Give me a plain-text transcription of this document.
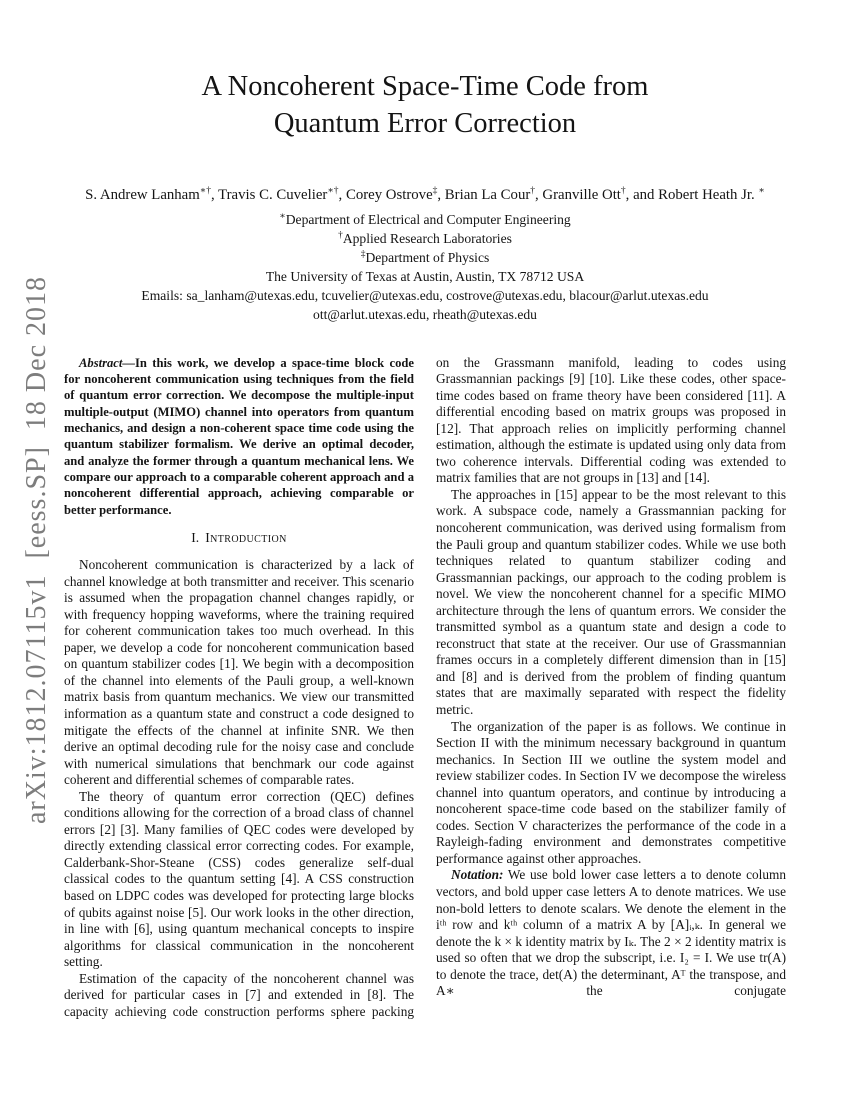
arXiv:1812.07115v1  [eess.SP]  18 Dec 2018
A Noncoherent Space-Time Code from
Quantum Error Correction

S. Andrew Lanham∗†, Travis C. Cuvelier∗†, Corey Ostrove‡, Brian La Cour†, Granville Ott†, and Robert Heath Jr. ∗

∗Department of Electrical and Computer Engineering
†Applied Research Laboratories
‡Department of Physics
The University of Texas at Austin, Austin, TX 78712 USA
Emails: sa_lanham@utexas.edu, tcuvelier@utexas.edu, costrove@utexas.edu, blacour@arlut.utexas.edu
ott@arlut.utexas.edu, rheath@utexas.edu

Abstract—In this work, we develop a space-time block code for noncoherent communication using techniques from the field of quantum error correction. We decompose the multiple-input multiple-output (MIMO) channel into operators from quantum mechanics, and design a non-coherent space time code using the quantum stabilizer formalism. We derive an optimal decoder, and analyze the former through a quantum mechanical lens. We compare our approach to a comparable coherent approach and a noncoherent differential approach, achieving comparable or better performance.

I. Introduction

Noncoherent communication is characterized by a lack of channel knowledge at both transmitter and receiver. This scenario is assumed when the propagation channel changes rapidly, or with frequency hopping waveforms, where the training required for coherent communication takes too much overhead. In this paper, we develop a code for noncoherent communication based on quantum stabilizer codes [1]. We begin with a decomposition of the channel into elements of the Pauli group, a well-known matrix basis from quantum mechanics. We view our transmitted information as a quantum state and construct a code designed to mitigate the effects of the channel at infinite SNR. We then derive an optimal decoding rule for the noisy case and conclude with numerical simulations that benchmark our code against coherent and differential schemes of comparable rates.

The theory of quantum error correction (QEC) defines conditions allowing for the correction of a broad class of channel errors [2] [3]. Many families of QEC codes were developed by directly extending classical error correcting codes. For example, Calderbank-Shor-Steane (CSS) codes generalize self-dual classical codes to the quantum setting [4]. A CSS construction based on LDPC codes was developed for protecting large blocks of qubits against noise [5]. Our work looks in the other direction, in line with [6], using quantum mechanical concepts to inspire algorithms for classical communication in the noncoherent setting.

Estimation of the capacity of the noncoherent channel was derived for particular cases in [7] and extended in [8]. The capacity achieving code construction performs sphere packing

on the Grassmann manifold, leading to codes using Grassmannian packings [9] [10]. Like these codes, other space-time codes based on frame theory have been considered [11]. A differential encoding based on matrix groups was proposed in [12]. That approach relies on implicitly performing channel estimation, although the estimate is updated using only data from two coherence intervals. Differential coding was extended to matrix families that are not groups in [13] and [14].

The approaches in [15] appear to be the most relevant to this work. A subspace code, namely a Grassmannian packing for noncoherent communication, was derived using formalism from the Pauli group and quantum stabilizer codes. While we use both techniques related to quantum stabilizer coding and Grassmannian packings, our approach to the coding problem is novel. We view the noncoherent channel for a specific MIMO architecture through the lens of quantum errors. We consider the transmitted symbol as a quantum state and design a code to reconstruct that state at the receiver. Our use of Grassmannian frames occurs in a completely different dimension than in [15] and [8] and is derived from the problem of finding quantum states that are maximally separated with respect the fidelity metric.

The organization of the paper is as follows. We continue in Section II with the minimum necessary background in quantum mechanics. In Section III we outline the system model and review stabilizer codes. In Section IV we decompose the wireless channel into quantum operators, and continue by introducing a noncoherent space-time code based on the stabilizer family of codes. Section V characterizes the performance of the code in a Rayleigh-fading environment and demonstrates competitive performance against other approaches.

Notation: We use bold lower case letters a to denote column vectors, and bold upper case letters A to denote matrices. We use non-bold letters to denote scalars. We denote the element in the iᵗʰ row and kᵗʰ column of a matrix A by [A]ᵢ,ₖ. In general we denote the k × k identity matrix by Iₖ. The 2 × 2 identity matrix is used so often that we drop the subscript, i.e. I₂ = I. We use tr(A) to denote the trace, det(A) the determinant, Aᵀ the transpose, and A∗ the conjugate
